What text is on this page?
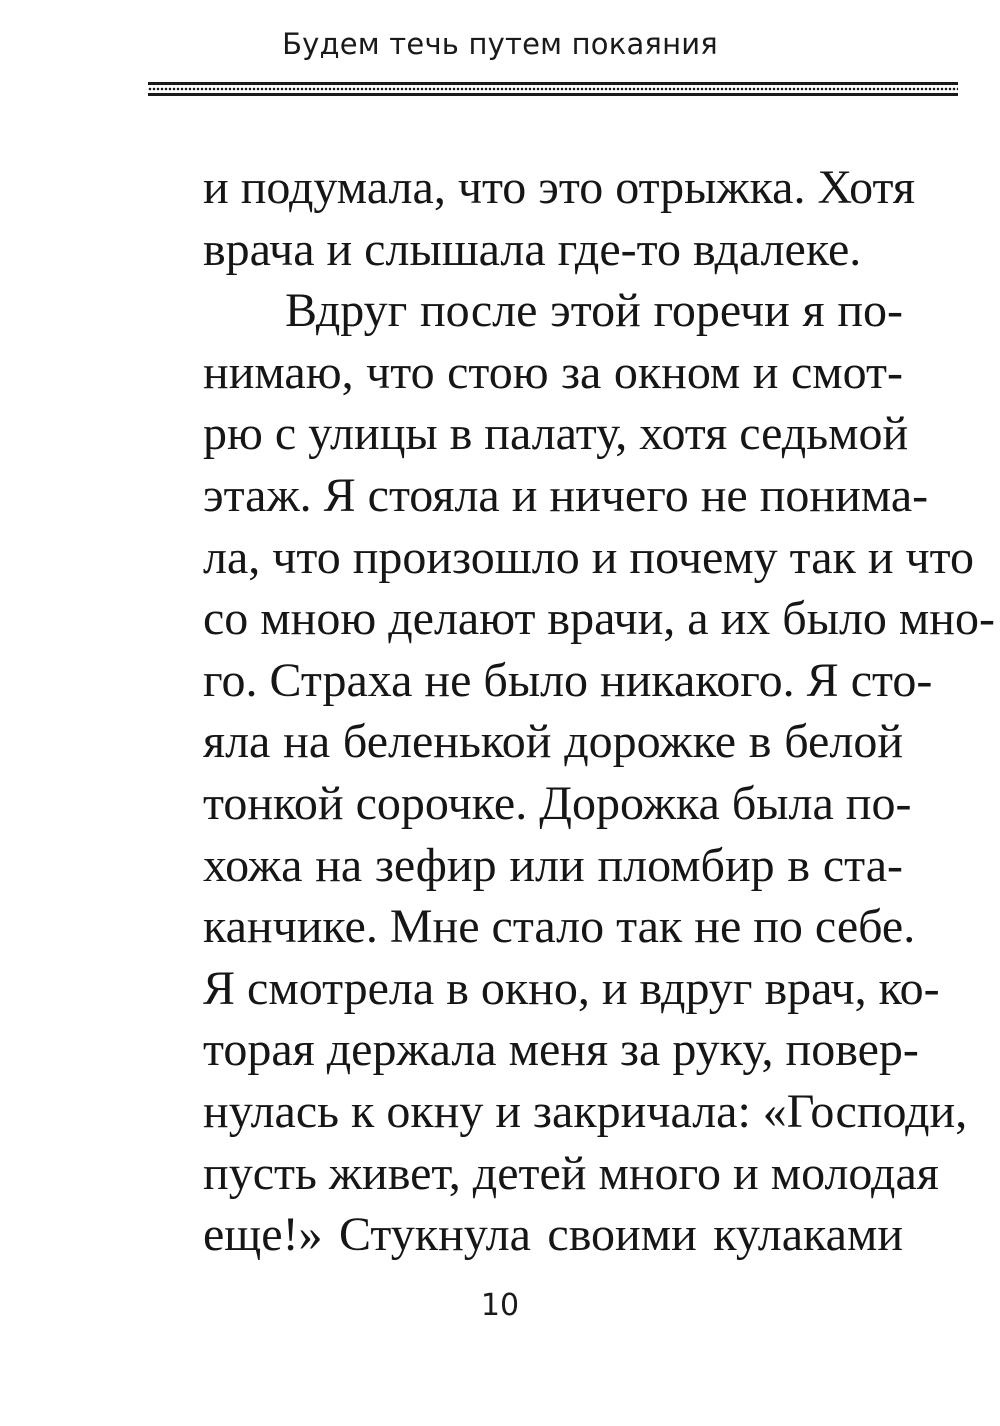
Будем течь путем покаяния
и подумала, что это отрыжка. Хотя
врача и слышала где-то вдалеке.
Вдруг после этой горечи я по-
нимаю, что стою за окном и смот-
рю с улицы в палату, хотя седьмой
этаж. Я стояла и ничего не понима-
ла, что произошло и почему так и что
со мною делают врачи, а их было мно-
го. Страха не было никакого. Я сто-
яла на беленькой дорожке в белой
тонкой сорочке. Дорожка была по-
хожа на зефир или пломбир в ста-
канчике. Мне стало так не по себе.
Я смотрела в окно, и вдруг врач, ко-
торая держала меня за руку, повер-
нулась к окну и закричала: «Господи,
пусть живет, детей много и молодая
еще!» Стукнула своими кулаками
10
